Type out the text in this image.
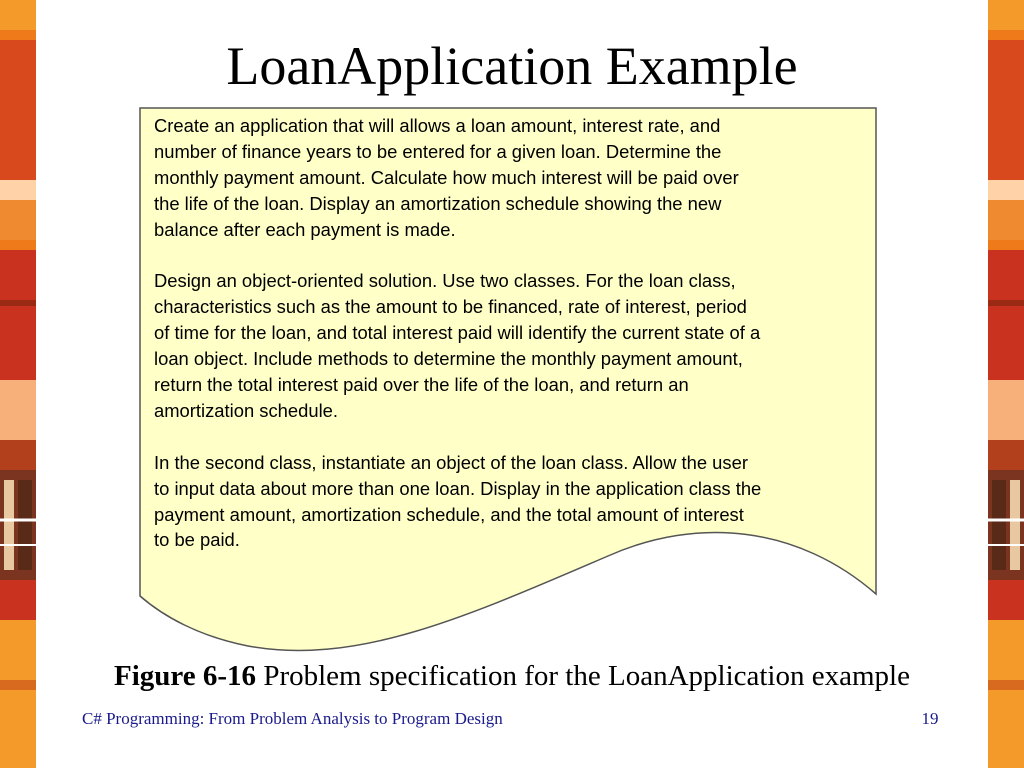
LoanApplication Example

Create an application that will allows a loan amount, interest rate, and
number of finance years to be entered for a given loan. Determine the
monthly payment amount. Calculate how much interest will be paid over
the life of the loan. Display an amortization schedule showing the new
balance after each payment is made.

Design an object-oriented solution. Use two classes. For the loan class,
characteristics such as the amount to be financed, rate of interest, period
of time for the loan, and total interest paid will identify the current state of a
loan object. Include methods to determine the monthly payment amount,
return the total interest paid over the life of the loan, and return an
amortization schedule.

In the second class, instantiate an object of the loan class. Allow the user
to input data about more than one loan. Display in the application class the
payment amount, amortization schedule, and the total amount of interest
to be paid.

Figure 6-16 Problem specification for the LoanApplication example
C# Programming: From Problem Analysis to Program Design	19
